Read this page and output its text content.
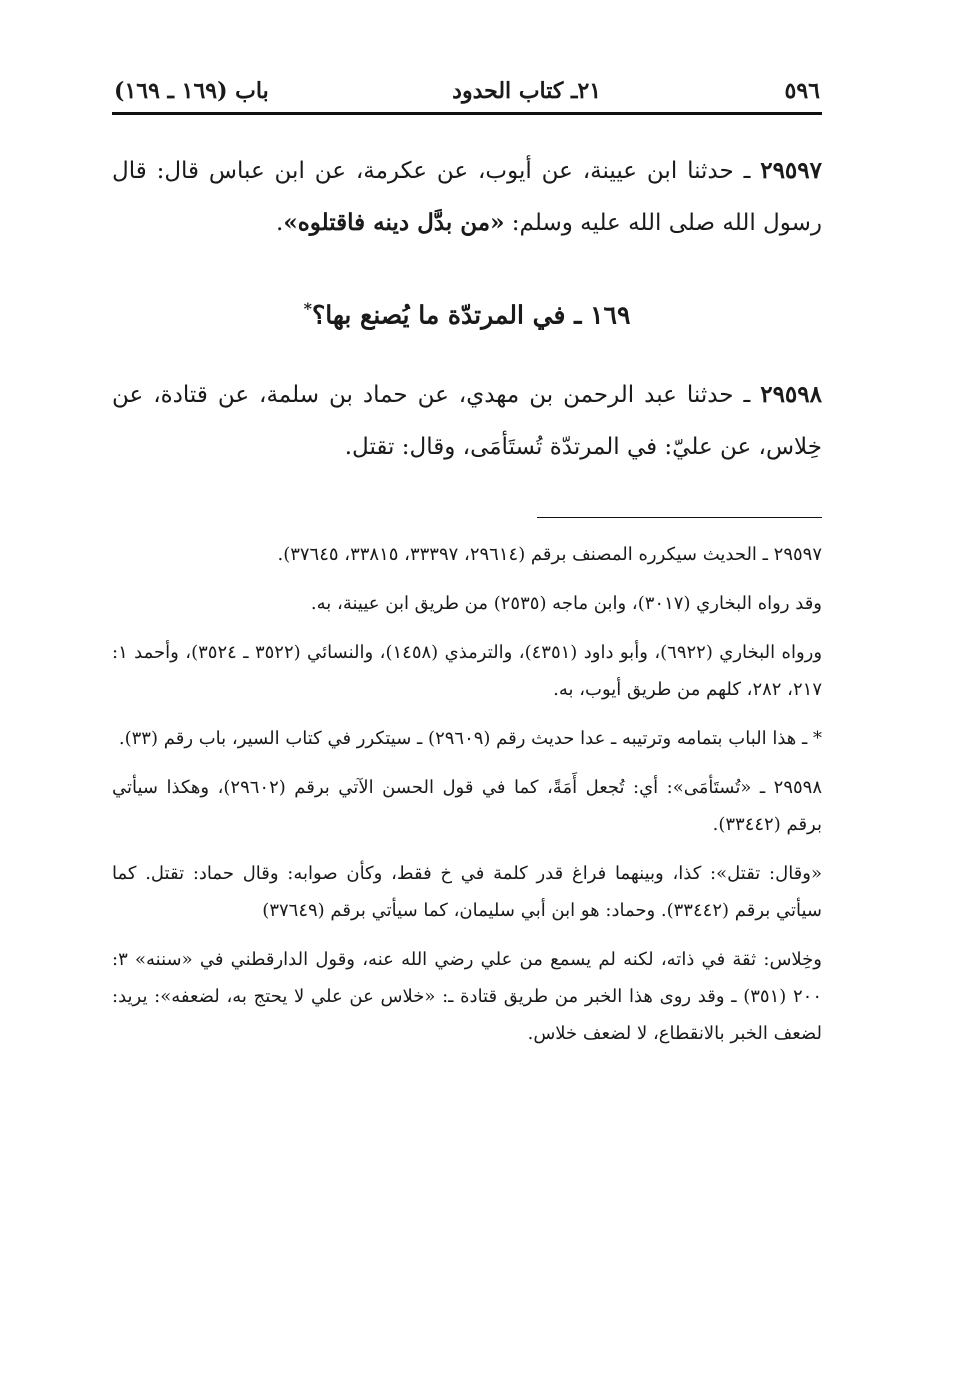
٥٩٦
٢١ـ كتاب الحدود
باب (١٦٩ ـ ١٦٩)

٢٩٥٩٧ ـ حدثنا ابن عيينة، عن أيوب، عن عكرمة، عن ابن عباس قال: قال رسول الله صلى الله عليه وسلم: «من بدَّل دينه فاقتلوه».

١٦٩ ـ في المرتدّة ما يُصنع بها؟*

٢٩٥٩٨ ـ حدثنا عبد الرحمن بن مهدي، عن حماد بن سلمة، عن قتادة، عن خِلاس، عن عليّ: في المرتدّة تُستَأمَى، وقال: تقتل.

٢٩٥٩٧ ـ الحديث سيكرره المصنف برقم (٢٩٦١٤، ٣٣٣٩٧، ٣٣٨١٥، ٣٧٦٤٥).

وقد رواه البخاري (٣٠١٧)، وابن ماجه (٢٥٣٥) من طريق ابن عيينة، به.

ورواه البخاري (٦٩٢٢)، وأبو داود (٤٣٥١)، والترمذي (١٤٥٨)، والنسائي (٣٥٢٢ ـ ٣٥٢٤)، وأحمد ١: ٢١٧، ٢٨٢، كلهم من طريق أيوب، به.

* ـ هذا الباب بتمامه وترتيبه ـ عدا حديث رقم (٢٩٦٠٩) ـ سيتكرر في كتاب السير، باب رقم (٣٣).

٢٩٥٩٨ ـ «تُستَأمَى»: أي: تُجعل أَمَةً، كما في قول الحسن الآتي برقم (٢٩٦٠٢)، وهكذا سيأتي برقم (٣٣٤٤٢).

«وقال: تقتل»: كذا، وبينهما فراغ قدر كلمة في خ فقط، وكأن صوابه: وقال حماد: تقتل. كما سيأتي برقم (٣٣٤٤٢). وحماد: هو ابن أبي سليمان، كما سيأتي برقم (٣٧٦٤٩)

وخِلاس: ثقة في ذاته، لكنه لم يسمع من علي رضي الله عنه، وقول الدارقطني في «سننه» ٣: ٢٠٠ (٣٥١) ـ وقد روى هذا الخبر من طريق قتادة ـ: «خلاس عن علي لا يحتج به، لضعفه»: يريد: لضعف الخبر بالانقطاع، لا لضعف خلاس.
